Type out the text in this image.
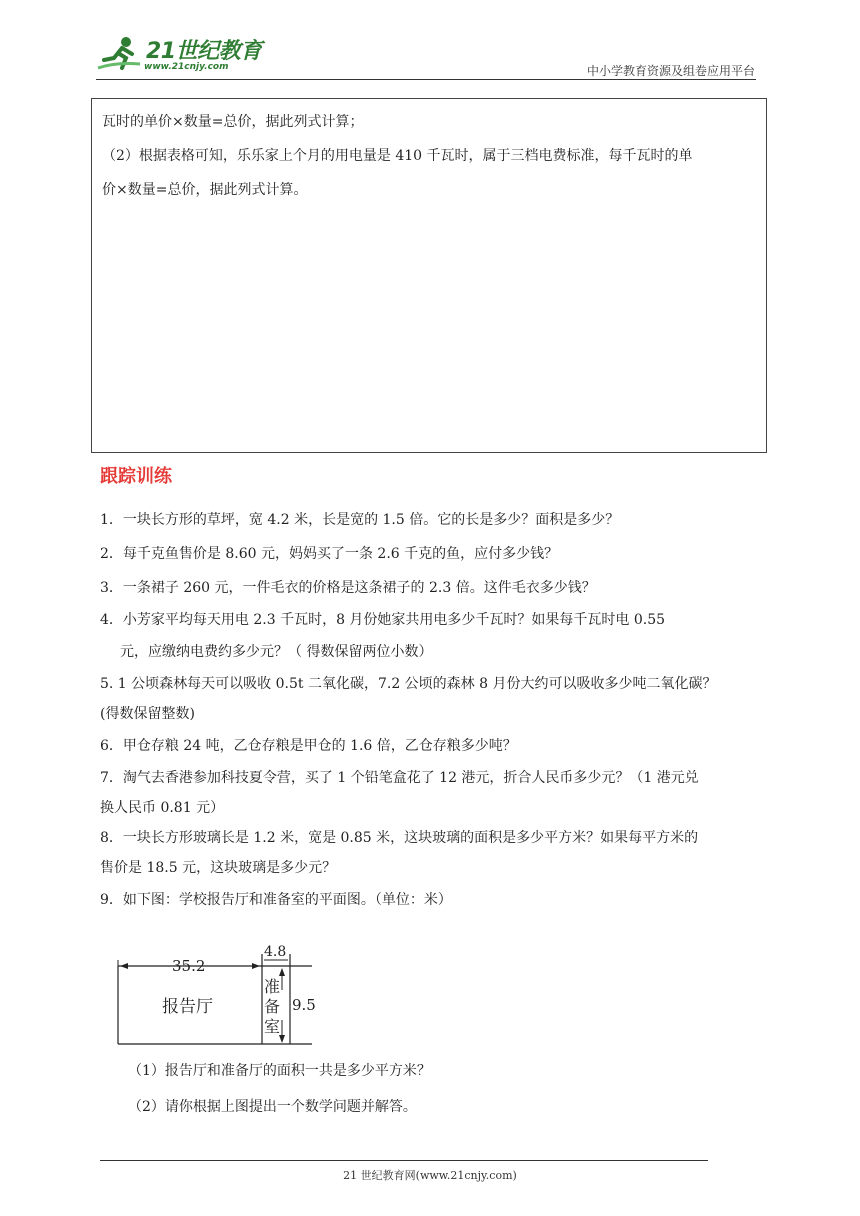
21世纪教育
www.21cnjy.com	中小学教育资源及组卷应用平台

瓦时的单价×数量=总价，据此列式计算；

（2）根据表格可知，乐乐家上个月的用电量是 410 千瓦时，属于三档电费标准，每千瓦时的单

价×数量=总价，据此列式计算。

跟踪训练

1．一块长方形的草坪，宽 4.2 米，长是宽的 1.5 倍。它的长是多少？面积是多少？

2．每千克鱼售价是 8.60 元，妈妈买了一条 2.6 千克的鱼，应付多少钱？

3．一条裙子 260 元，一件毛衣的价格是这条裙子的 2.3 倍。这件毛衣多少钱？

4．小芳家平均每天用电 2.3 千瓦时，8 月份她家共用电多少千瓦时？如果每千瓦时电 0.55

元，应缴纳电费约多少元？（ 得数保留两位小数）

5. 1 公顷森林每天可以吸收 0.5t 二氧化碳，7.2 公顷的森林 8 月份大约可以吸收多少吨二氧化碳？

(得数保留整数)

6．甲仓存粮 24 吨，乙仓存粮是甲仓的 1.6 倍，乙仓存粮多少吨？

7．淘气去香港参加科技夏令营，买了 1 个铅笔盒花了 12 港元，折合人民币多少元？（1 港元兑

换人民币 0.81 元）

8．一块长方形玻璃长是 1.2 米，宽是 0.85 米，这块玻璃的面积是多少平方米？如果每平方米的

售价是 18.5 元，这块玻璃是多少元？

9．如下图：学校报告厅和准备室的平面图。（单位：米）

35.2
4.8
9.5
报告厅
准
备
室
（1）报告厅和准备厅的面积一共是多少平方米？
（2）请你根据上图提出一个数学问题并解答。
21 世纪教育网(www.21cnjy.com)
